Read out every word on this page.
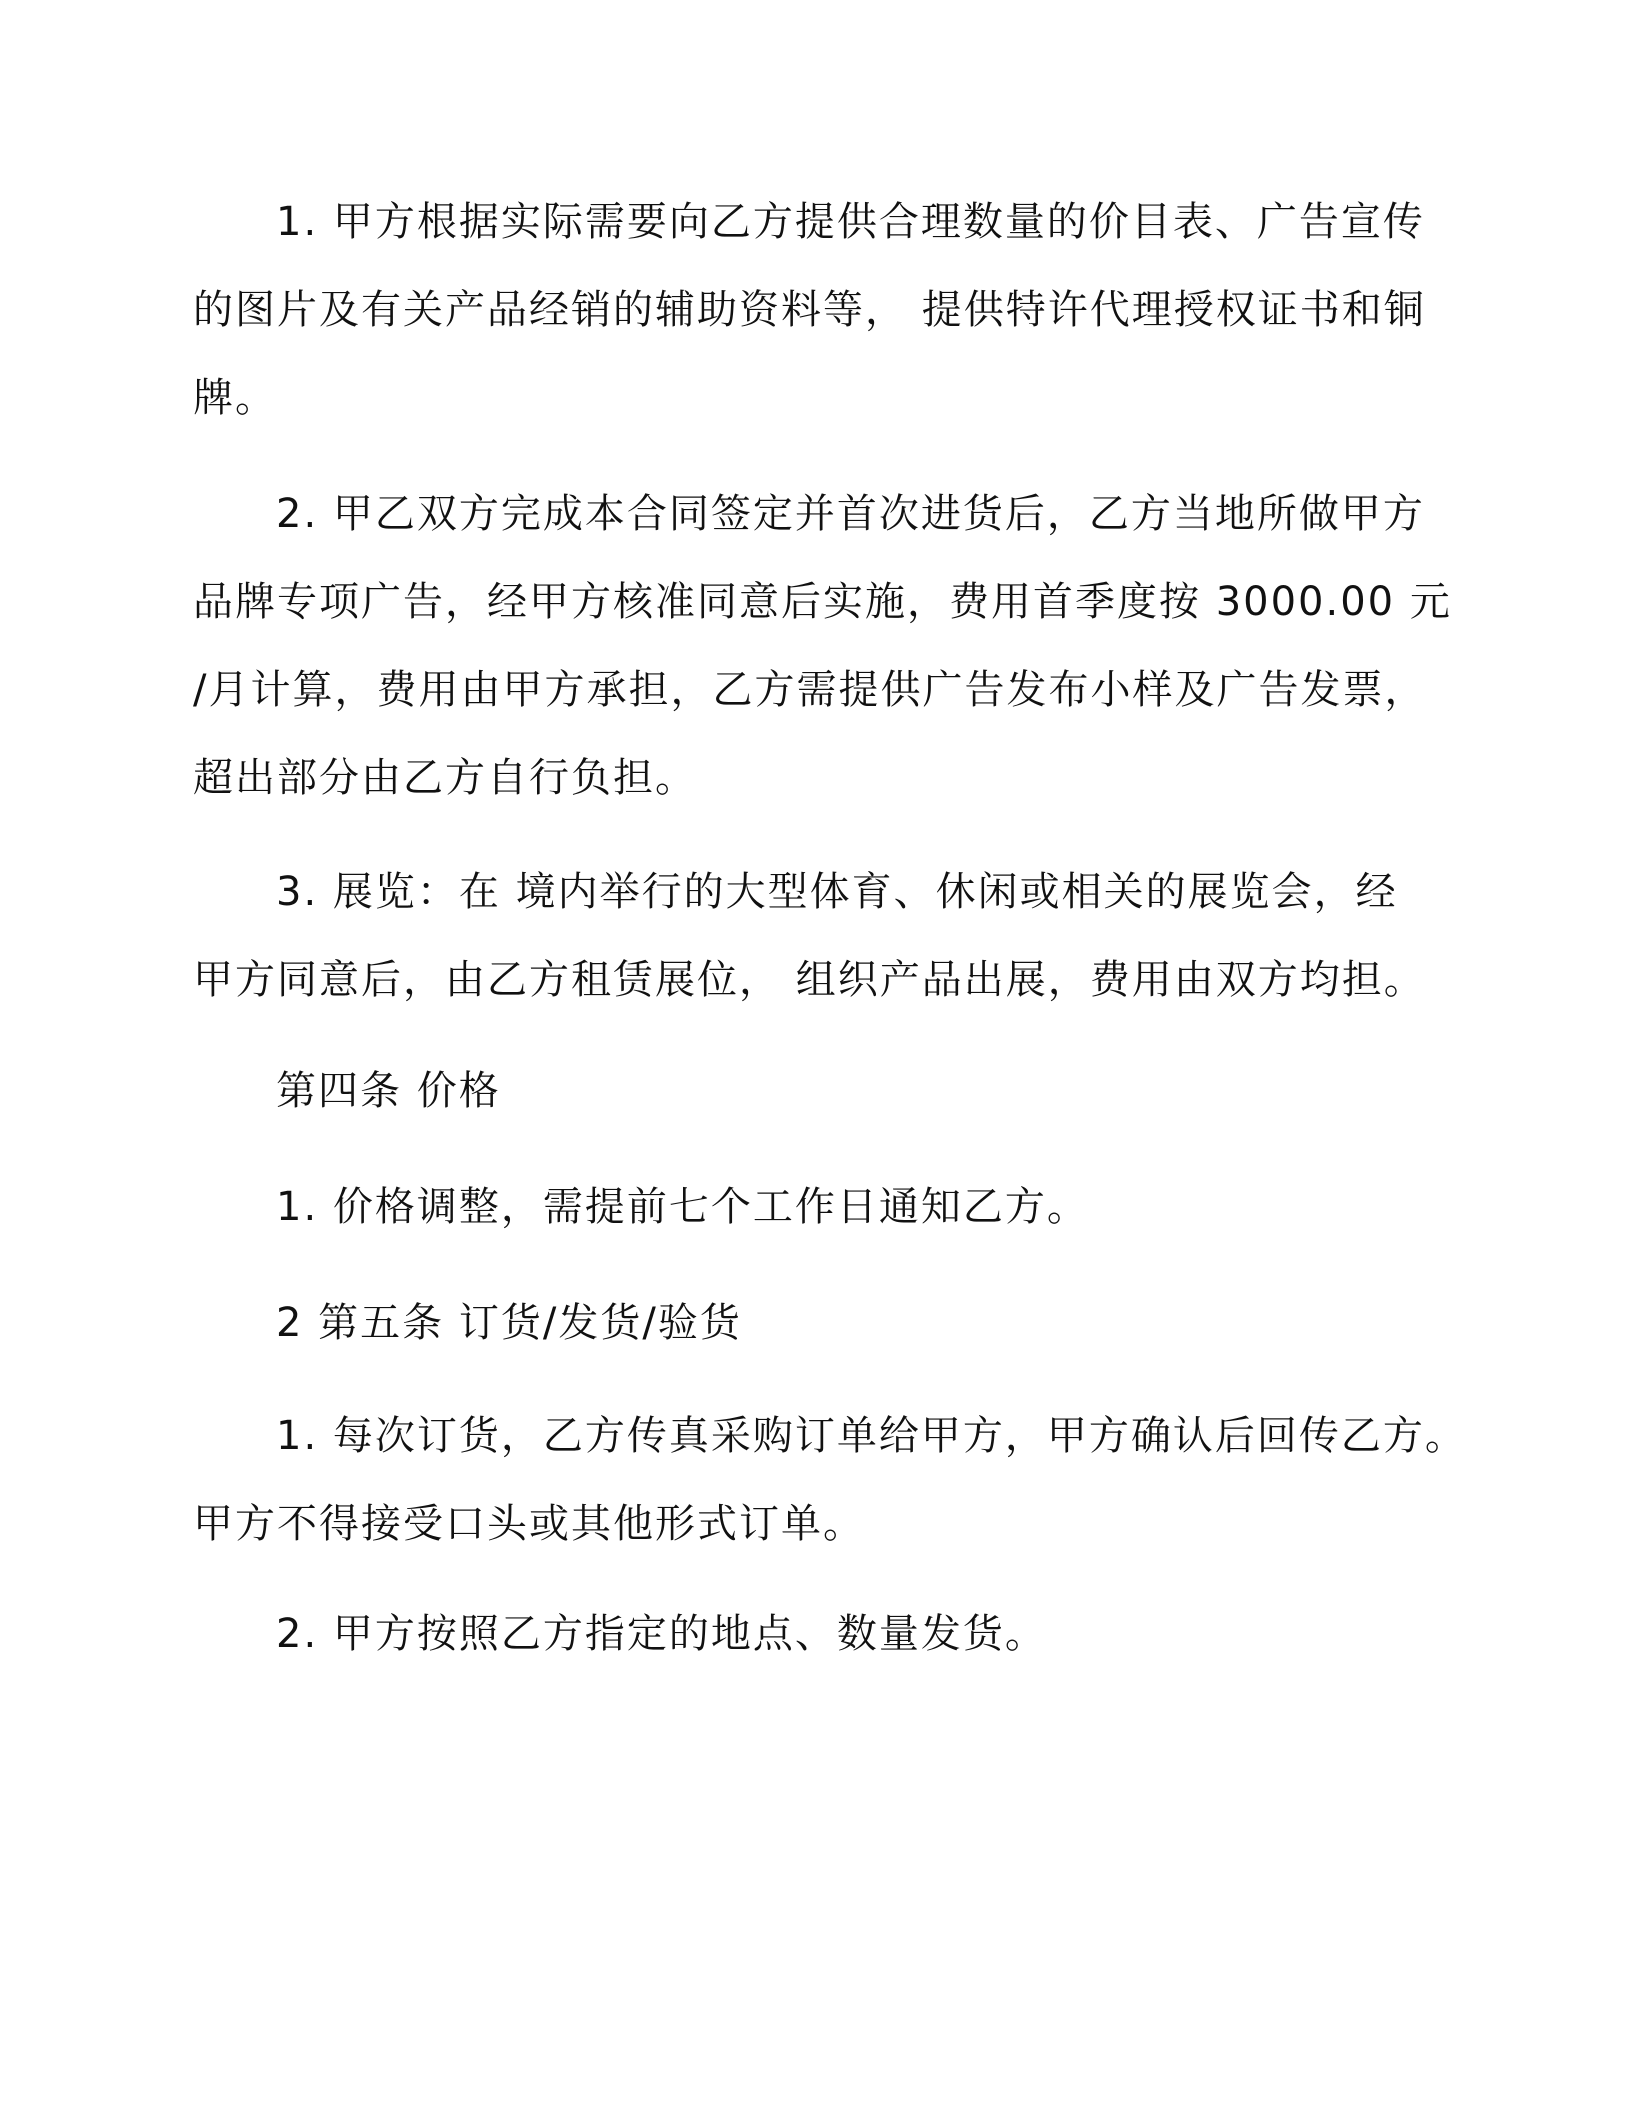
1. 甲方根据实际需要向乙方提供合理数量的价目表、广告宣传
的图片及有关产品经销的辅助资料等， 提供特许代理授权证书和铜
牌。
2. 甲乙双方完成本合同签定并首次进货后，乙方当地所做甲方
品牌专项广告，经甲方核准同意后实施，费用首季度按 3000.00 元
/月计算，费用由甲方承担，乙方需提供广告发布小样及广告发票，
超出部分由乙方自行负担。
3. 展览：在 境内举行的大型体育、休闲或相关的展览会，经
甲方同意后，由乙方租赁展位， 组织产品出展，费用由双方均担。
第四条 价格
1. 价格调整，需提前七个工作日通知乙方。
2 第五条 订货/发货/验货
1. 每次订货，乙方传真采购订单给甲方，甲方确认后回传乙方。
甲方不得接受口头或其他形式订单。
2. 甲方按照乙方指定的地点、数量发货。
